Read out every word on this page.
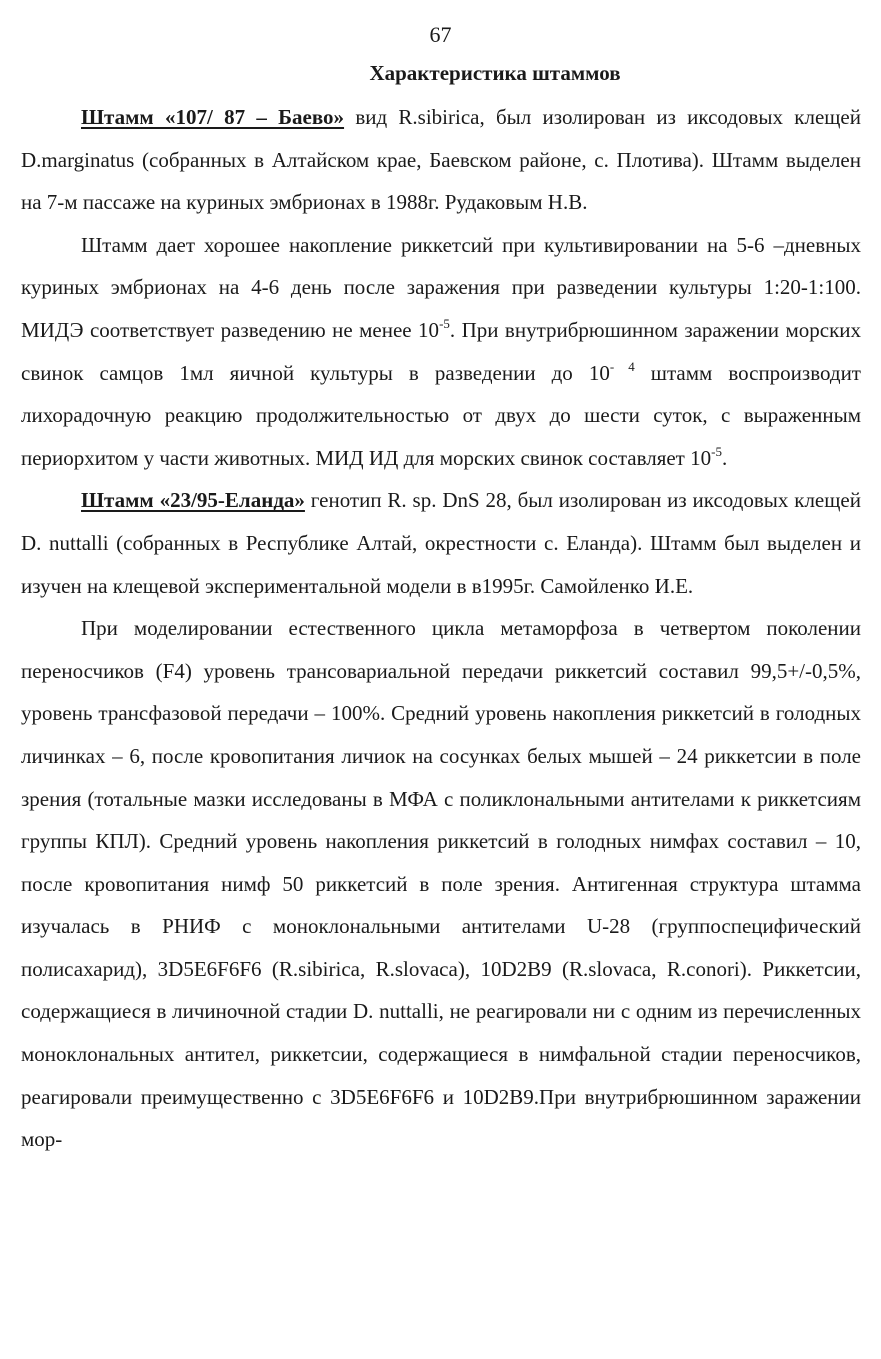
67
Характеристика штаммов

Штамм «107/ 87 – Баево» вид R.sibirica, был изолирован из иксодовых клещей D.marginatus (собранных в Алтайском крае, Баевском районе, с. Плотива). Штамм выделен на 7-м пассаже на куриных эмбрионах в 1988г. Рудаковым Н.В.

Штамм дает хорошее накопление риккетсий при культивировании на 5-6 –дневных куриных эмбрионах на 4-6 день после заражения при разведении культуры 1:20-1:100. МИДЭ соответствует разведению не менее $10^{-5}$. При внутрибрюшинном заражении морских свинок самцов 1мл яичной культуры в разведении до $10^{- 4}$ штамм воспроизводит лихорадочную реакцию продолжительностью от двух до шести суток, с выраженным периорхитом у части животных. МИД ИД для морских свинок составляет $10^{-5}$.

Штамм «23/95-Еланда» генотип R. sp. DnS 28, был изолирован из иксодовых клещей D. nuttalli (собранных в Республике Алтай, окрестности с. Еланда). Штамм был выделен и изучен на клещевой экспериментальной модели в в1995г. Самойленко И.Е.

При моделировании естественного цикла метаморфоза в четвертом поколении переносчиков (F4) уровень трансовариальной передачи риккетсий составил 99,5+/-0,5%, уровень трансфазовой передачи – 100%. Средний уровень накопления риккетсий в голодных личинках – 6, после кровопитания личиок на сосунках белых мышей – 24 риккетсии в поле зрения (тотальные мазки исследованы в МФА с поликлональными антителами к риккетсиям группы КПЛ). Средний уровень накопления риккетсий в голодных нимфах составил – 10, после кровопитания нимф 50 риккетсий в поле зрения. Антигенная структура штамма изучалась в РНИФ с моноклональными антителами U-28 (группоспецифический полисахарид), 3D5E6F6F6 (R.sibirica, R.slovaca), 10D2B9 (R.slovaca, R.conori). Риккетсии, содержащиеся в личиночной стадии D. nuttalli, не реагировали ни с одним из перечисленных моноклональных антител, риккетсии, содержащиеся в нимфальной стадии переносчиков, реагировали преимущественно с 3D5E6F6F6 и 10D2B9.При внутрибрюшинном заражении мор-
